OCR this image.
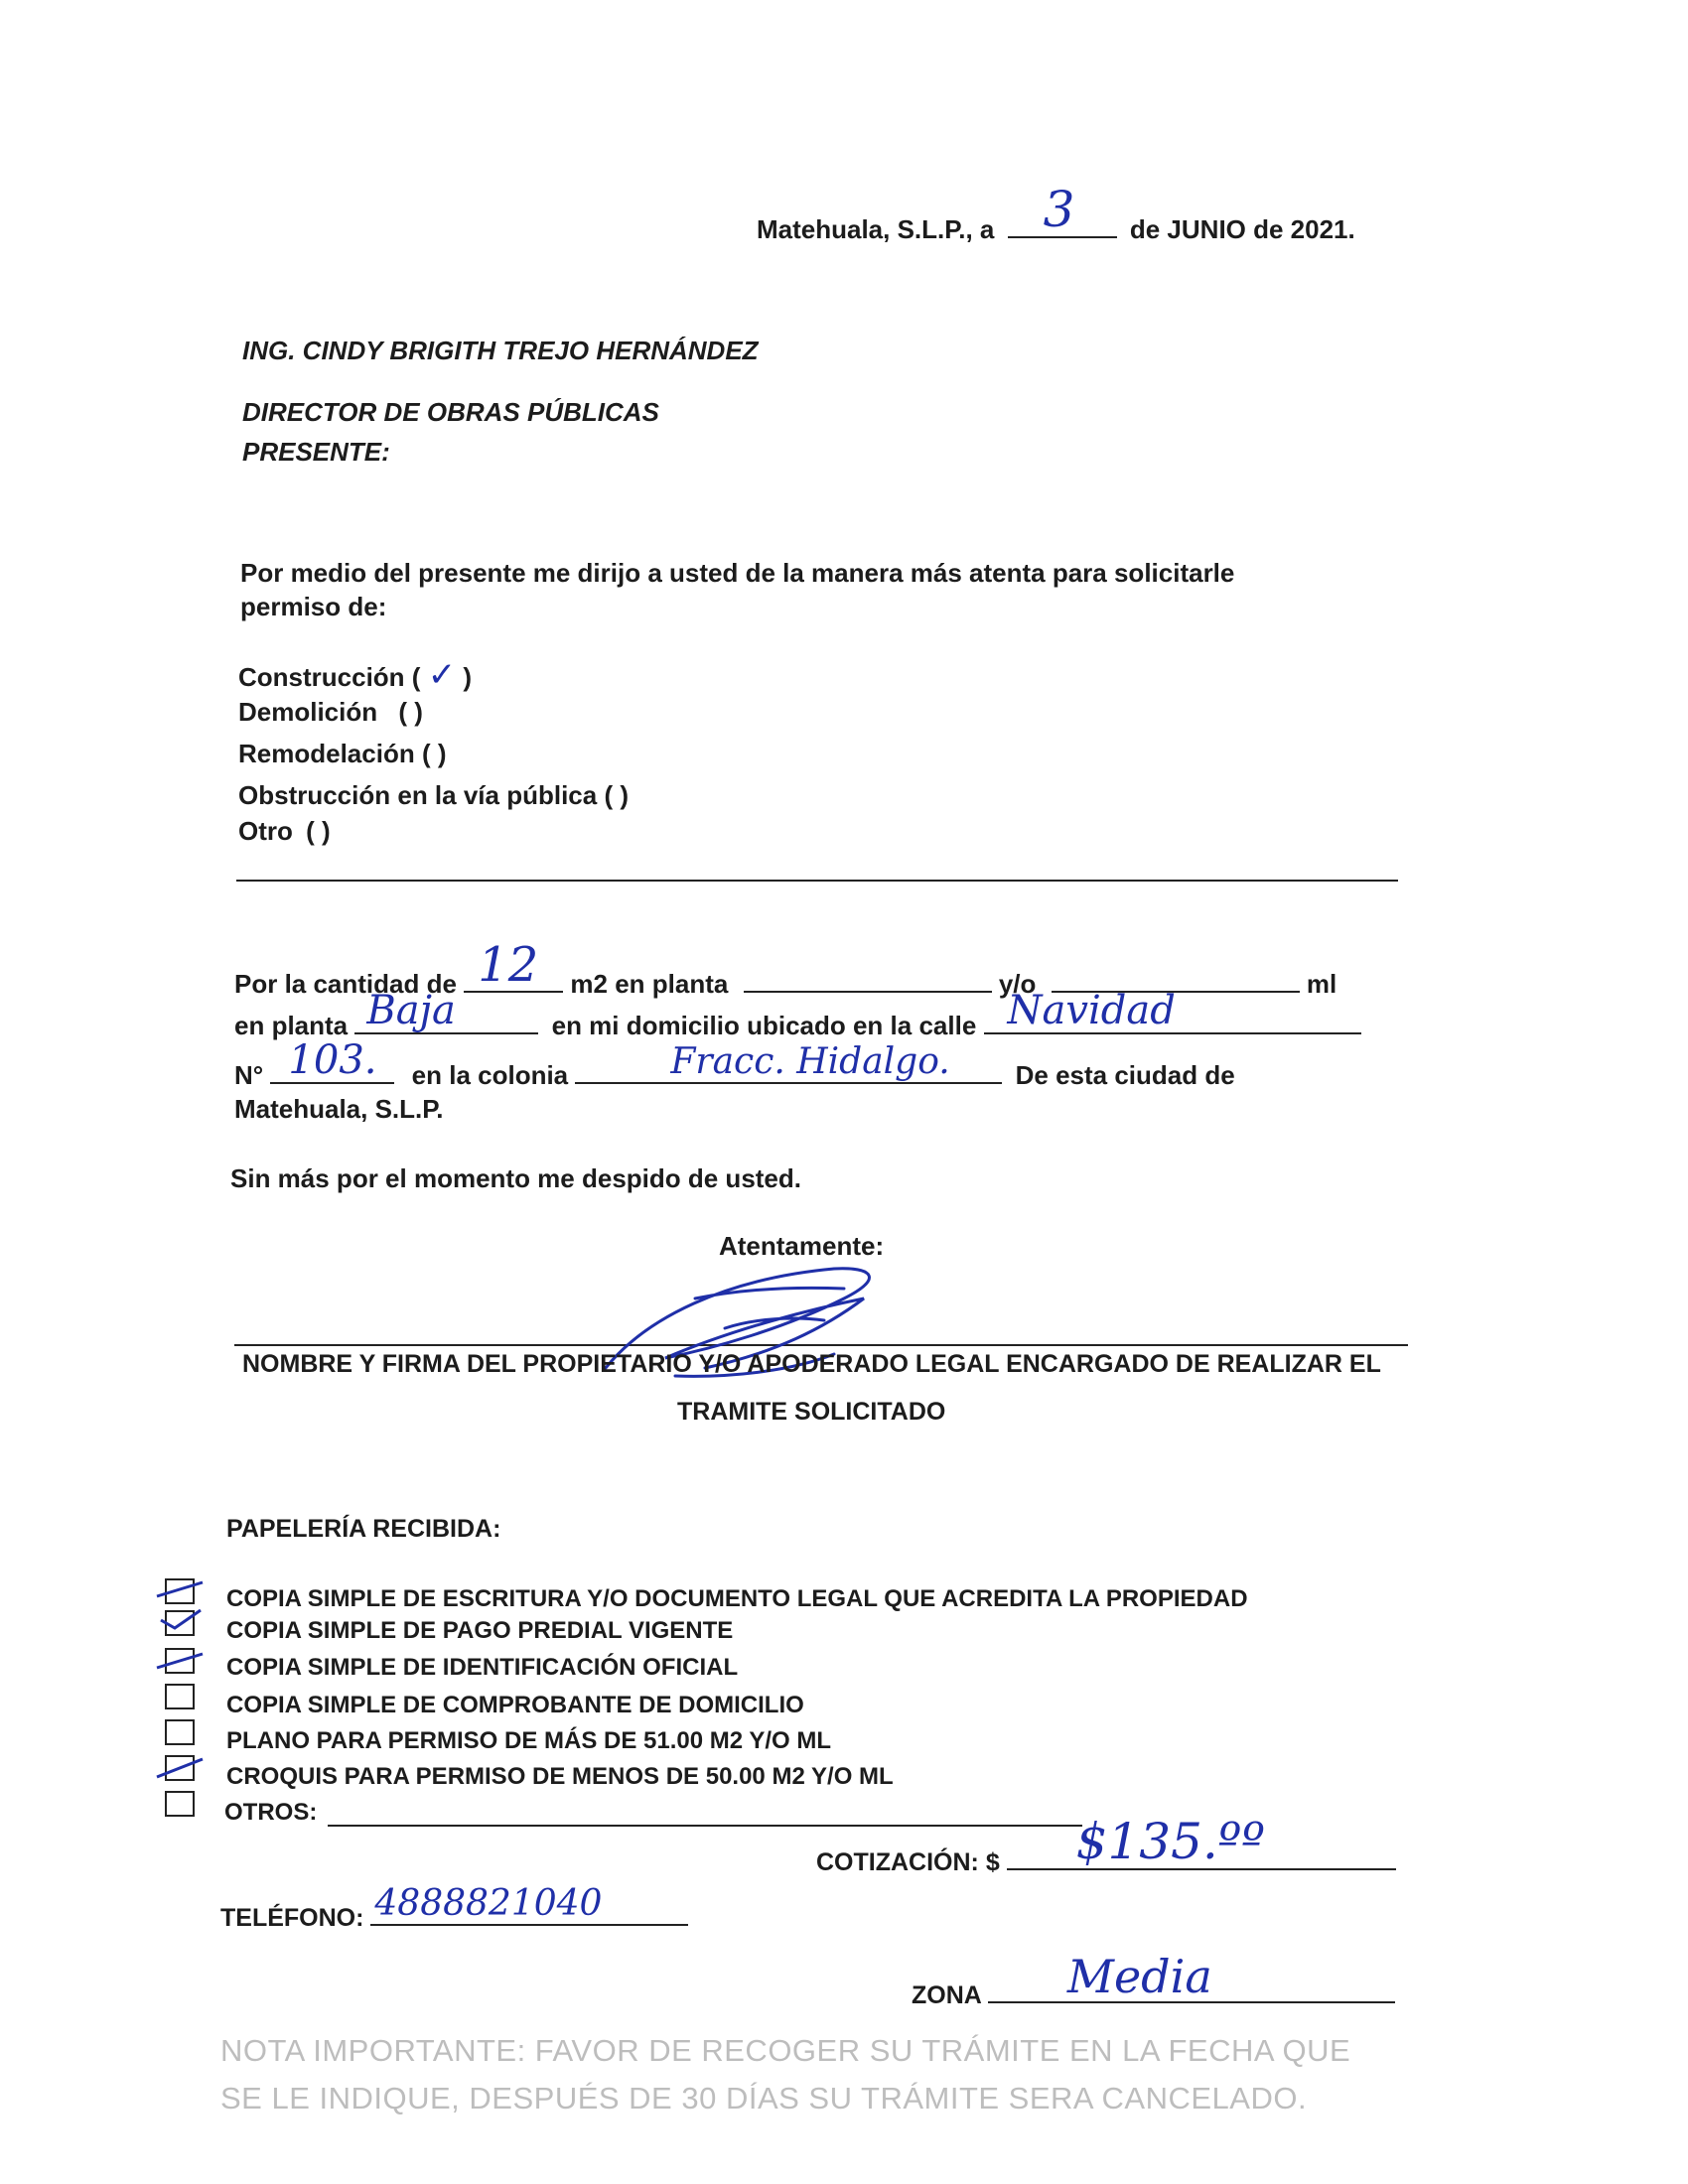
Matehuala, S.L.P., a 3 de JUNIO de 2021.
ING. CINDY BRIGITH TREJO HERNÁNDEZ
DIRECTOR DE OBRAS PÚBLICAS
PRESENTE:
Por medio del presente me dirijo a usted de la manera más atenta para solicitarle
permiso de:
Construcción ( ✓ )
Demolición ( )
Remodelación ( )
Obstrucción en la vía pública ( )
Otro ( )
Por la cantidad de 12 m2 en planta	y/o	ml
en planta Baja	en mi domicilio ubicado en la calle Navidad
N° 103. en la colonia	Fracc. Hidalgo.	De esta ciudad de
Matehuala, S.L.P.
Sin más por el momento me despido de usted.
Atentamente:
NOMBRE Y FIRMA DEL PROPIETARIO Y/O APODERADO LEGAL ENCARGADO DE REALIZAR EL
TRAMITE SOLICITADO
PAPELERÍA RECIBIDA:
COPIA SIMPLE DE ESCRITURA Y/O DOCUMENTO LEGAL QUE ACREDITA LA PROPIEDAD
COPIA SIMPLE DE PAGO PREDIAL VIGENTE
COPIA SIMPLE DE IDENTIFICACIÓN OFICIAL
COPIA SIMPLE DE COMPROBANTE DE DOMICILIO
PLANO PARA PERMISO DE MÁS DE 51.00 M2 Y/O ML
CROQUIS PARA PERMISO DE MENOS DE 50.00 M2 Y/O ML
OTROS:
COTIZACIÓN: $ $135.ºº
TELÉFONO: 4888821040
ZONA Media
NOTA IMPORTANTE: FAVOR DE RECOGER SU TRÁMITE EN LA FECHA QUE
SE LE INDIQUE, DESPUÉS DE 30 DÍAS SU TRÁMITE SERA CANCELADO.
